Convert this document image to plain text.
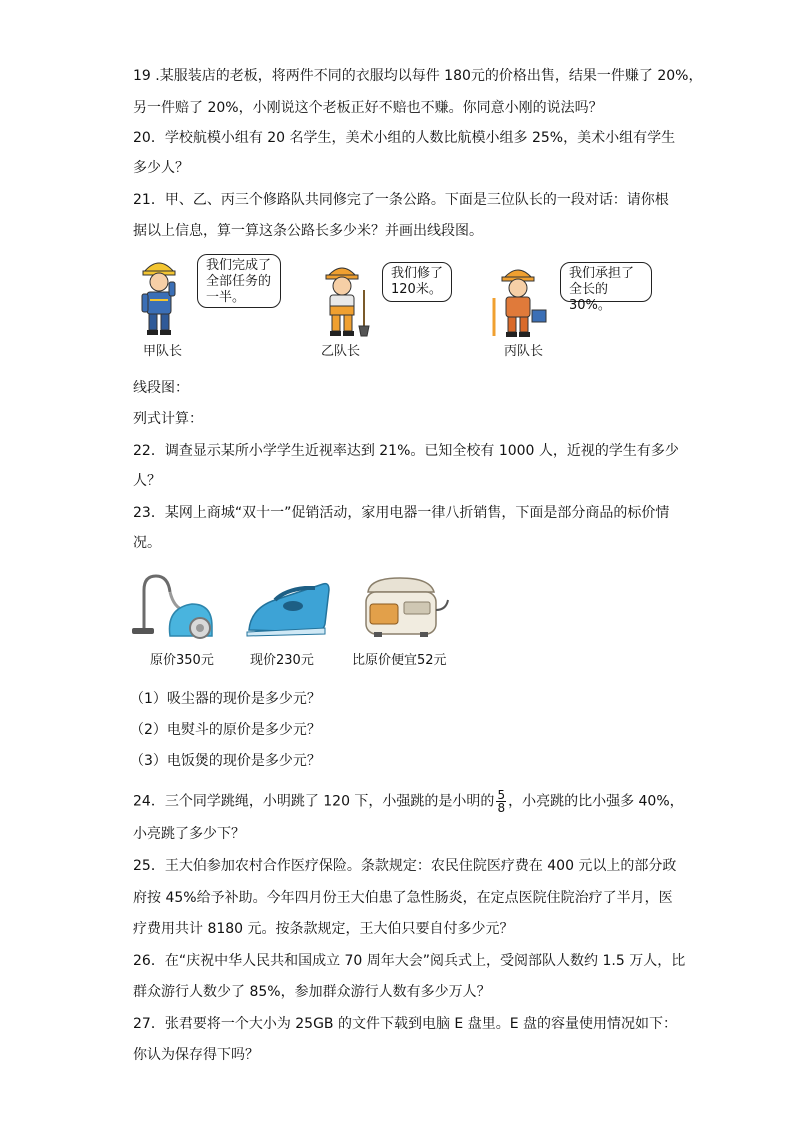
19 .某服装店的老板，将两件不同的衣服均以每件 180元的价格出售，结果一件赚了 20%，
另一件赔了 20%，小刚说这个老板正好不赔也不赚。你同意小刚的说法吗？
20．学校航模小组有 20 名学生，美术小组的人数比航模小组多 25%，美术小组有学生
多少人？
21．甲、乙、丙三个修路队共同修完了一条公路。下面是三位队长的一段对话：请你根
据以上信息，算一算这条公路长多少米？并画出线段图。
我们完成了
全部任务的
一半。
甲队长
我们修了
120米。
乙队长
我们承担了
全长的30%。
丙队长
线段图：
列式计算：
22．调查显示某所小学学生近视率达到 21%。已知全校有 1000 人，近视的学生有多少
人？
23．某网上商城“双十一”促销活动，家用电器一律八折销售，下面是部分商品的标价情
况。
原价350元	现价230元	比原价便宜52元
（1）吸尘器的现价是多少元？
（2）电熨斗的原价是多少元？
（3）电饭煲的现价是多少元？
24．三个同学跳绳，小明跳了 120 下，小强跳的是小明的 $\frac{5}{8}$ ，小亮跳的比小强多 40%，
小亮跳了多少下？
25．王大伯参加农村合作医疗保险。条款规定：农民住院医疗费在 400 元以上的部分政
府按 45%给予补助。今年四月份王大伯患了急性肠炎，在定点医院住院治疗了半月，医
疗费用共计 8180 元。按条款规定，王大伯只要自付多少元？
26．在“庆祝中华人民共和国成立 70 周年大会”阅兵式上，受阅部队人数约 1.5 万人，比
群众游行人数少了 85%，参加群众游行人数有多少万人？
27．张君要将一个大小为 25GB 的文件下载到电脑 E 盘里。E 盘的容量使用情况如下：
你认为保存得下吗？
